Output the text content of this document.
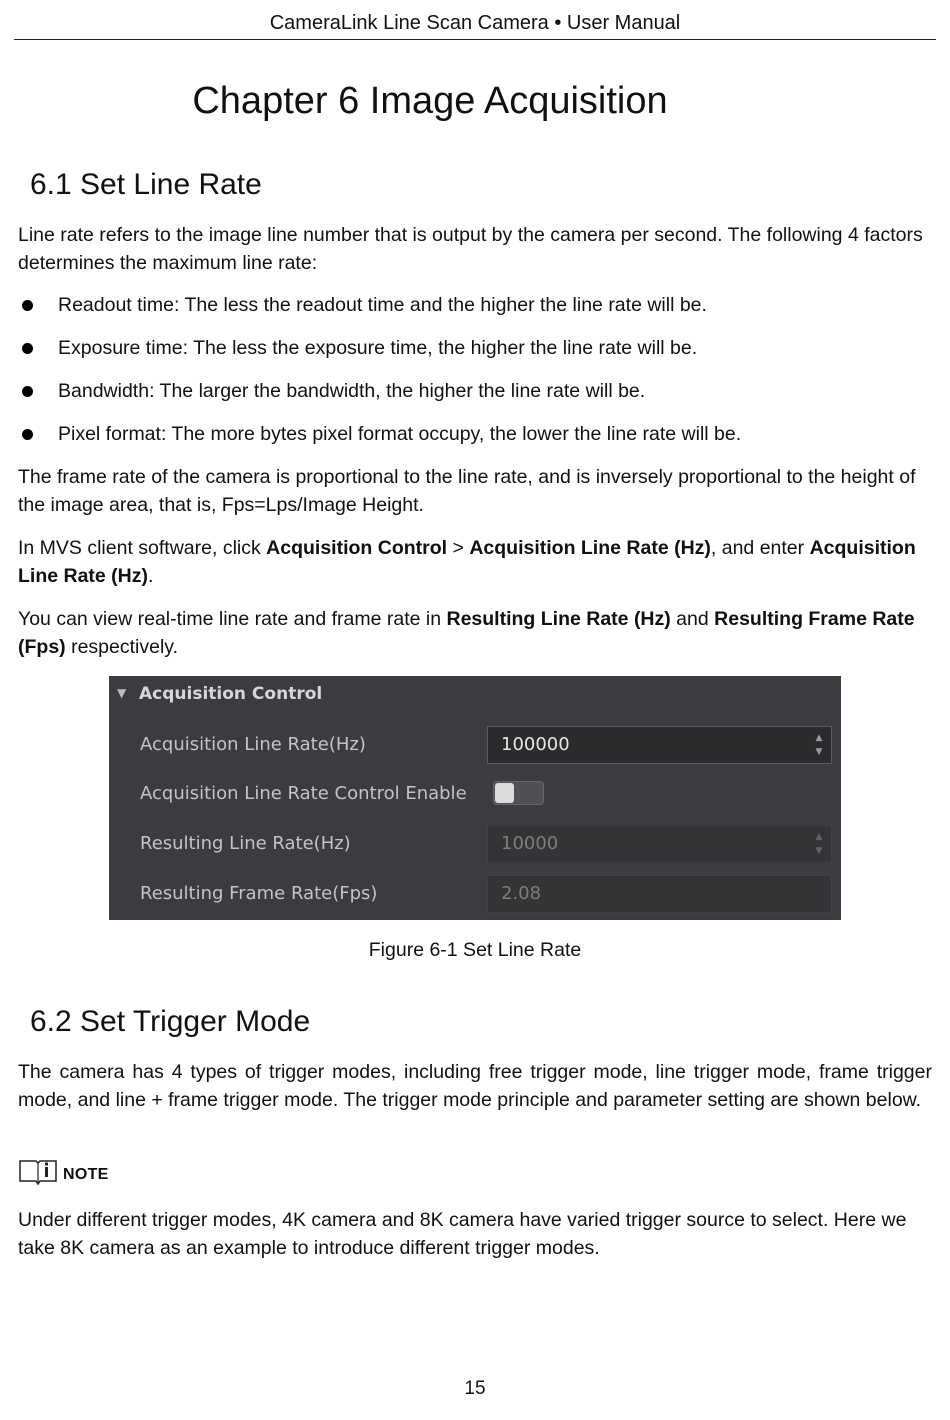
CameraLink Line Scan Camera • User Manual
Chapter 6 Image Acquisition
6.1 Set Line Rate
Line rate refers to the image line number that is output by the camera per second. The following 4 factors determines the maximum line rate:
Readout time: The less the readout time and the higher the line rate will be.
Exposure time: The less the exposure time, the higher the line rate will be.
Bandwidth: The larger the bandwidth, the higher the line rate will be.
Pixel format: The more bytes pixel format occupy, the lower the line rate will be.
The frame rate of the camera is proportional to the line rate, and is inversely proportional to the height of the image area, that is, Fps=Lps/Image Height.
In MVS client software, click Acquisition Control > Acquisition Line Rate (Hz), and enter Acquisition Line Rate (Hz).
You can view real-time line rate and frame rate in Resulting Line Rate (Hz) and Resulting Frame Rate (Fps) respectively.
▼ Acquisition Control
Acquisition Line Rate(Hz)	100000	▲
▼
Acquisition Line Rate Control Enable
Resulting Line Rate(Hz)	10000	▲
▼
Resulting Frame Rate(Fps)	2.08
Figure 6-1 Set Line Rate
6.2 Set Trigger Mode
The camera has 4 types of trigger modes, including free trigger mode, line trigger mode, frame trigger mode, and line + frame trigger mode. The trigger mode principle and parameter setting are shown below.
NOTE
Under different trigger modes, 4K camera and 8K camera have varied trigger source to select. Here we take 8K camera as an example to introduce different trigger modes.
15
